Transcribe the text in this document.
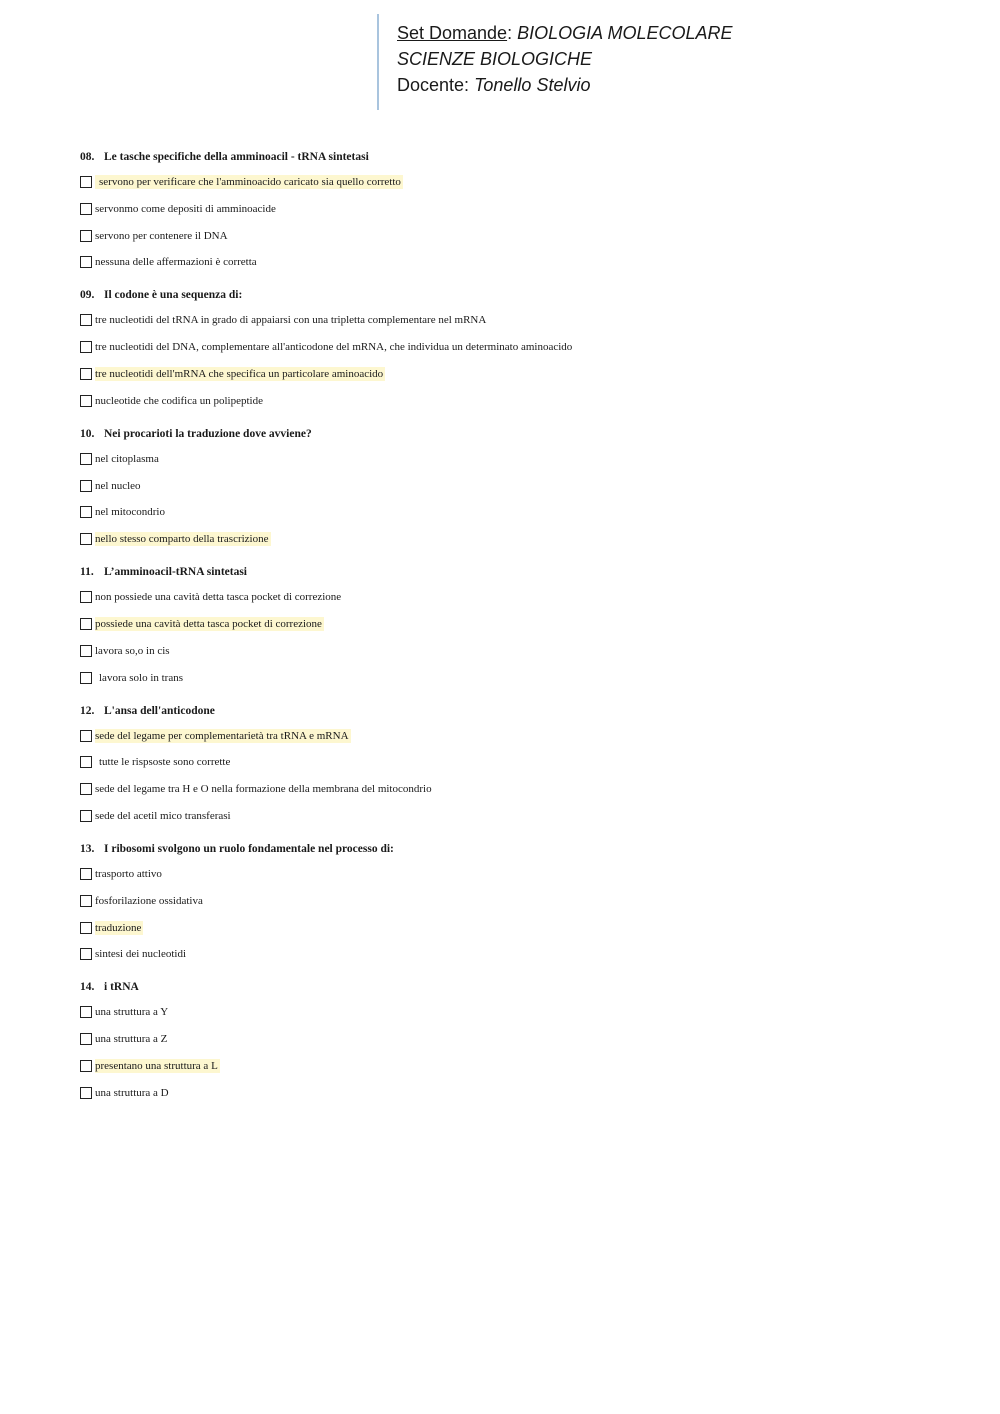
Set Domande: BIOLOGIA MOLECOLARE
SCIENZE BIOLOGICHE
Docente: Tonello Stelvio
08. Le tasche specifiche della amminoacil - tRNA sintetasi
servono per verificare che l'amminoacido caricato sia quello corretto
servonmo come depositi di amminoacide
servono per contenere il DNA
nessuna delle affermazioni è corretta
09. Il codone è una sequenza di:
tre nucleotidi del tRNA in grado di appaiarsi con una tripletta complementare nel mRNA
tre nucleotidi del DNA, complementare all'anticodone del mRNA, che individua un determinato aminoacido
tre nucleotidi dell'mRNA che specifica un particolare aminoacido
nucleotide che codifica un polipeptide
10. Nei procarioti la traduzione dove avviene?
nel citoplasma
nel nucleo
nel mitocondrio
nello stesso comparto della trascrizione
11. L’amminoacil-tRNA sintetasi
non possiede una cavità detta tasca pocket di correzione
possiede una cavità detta tasca pocket di correzione
lavora so,o in cis
lavora solo in trans
12. L'ansa dell'anticodone
sede del legame per complementarietà tra tRNA e mRNA
tutte le rispsoste sono corrette
sede del legame tra H e O nella formazione della membrana del mitocondrio
sede del acetil mico transferasi
13. I ribosomi svolgono un ruolo fondamentale nel processo di:
trasporto attivo
fosforilazione ossidativa
traduzione
sintesi dei nucleotidi
14. i tRNA
una struttura a Y
una struttura a Z
presentano una struttura a L
una struttura a D
